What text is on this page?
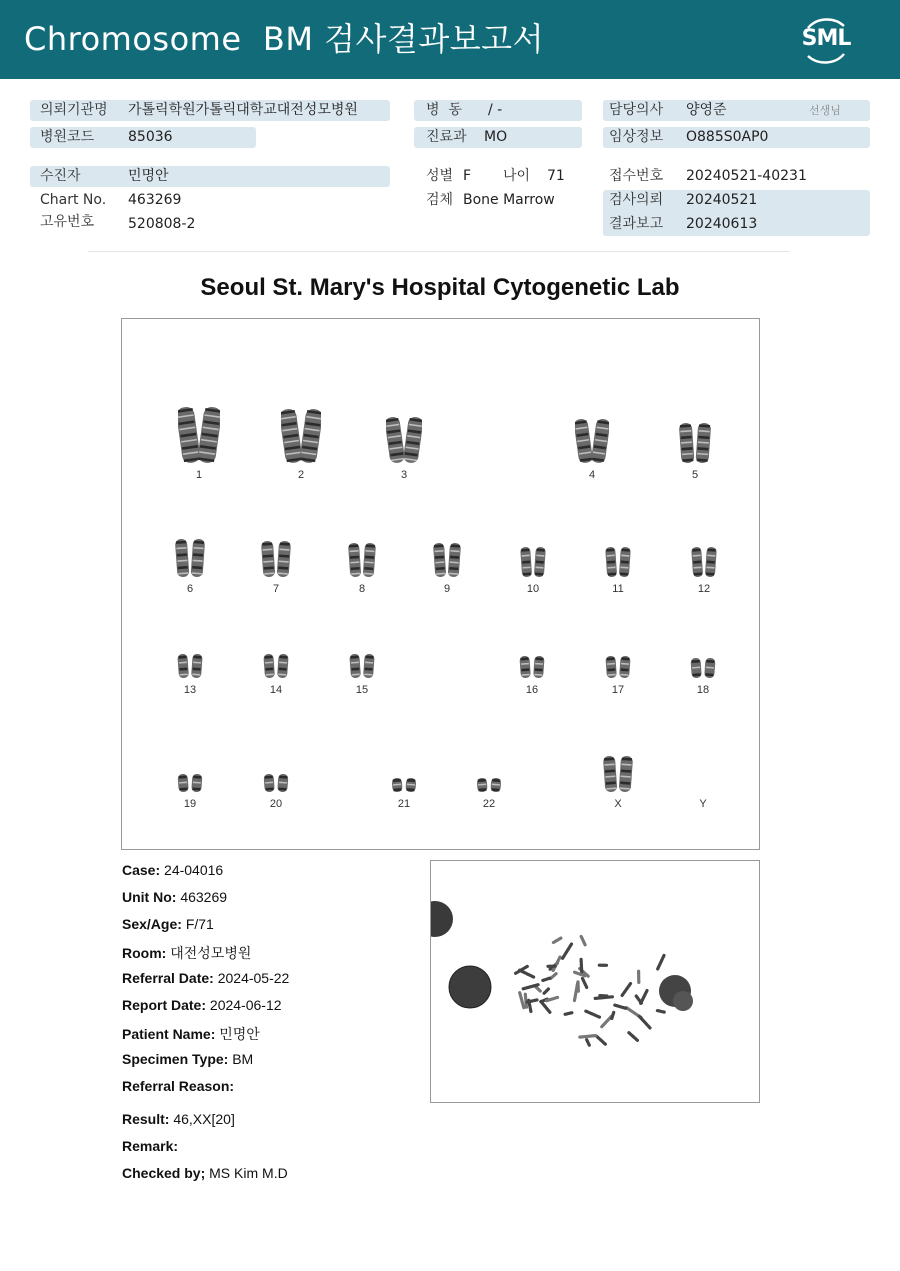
Chromosome  BM 검사결과보고서	SML
의뢰기관명 가톨릭학원가톨릭대학교대전성모병원
병원코드 85036
병  동 / -
진료과 MO
담당의사 양영준	선생님
임상정보 O885S0AP0
수진자	민명안
Chart No. 463269
고유번호 520808-2
성별 F 나이 71
검체 Bone Marrow
접수번호 20240521-40231
검사의뢰 20240521
결과보고 20240613
Seoul St. Mary's Hospital Cytogenetic Lab
1	2	3	4	5
6	7	8	9	10	11	12
13	14	15	16	17	18
19	20	21	22	X	Y
Case: 24-04016
Unit No: 463269
Sex/Age: F/71
Room: 대전성모병원
Referral Date: 2024-05-22
Report Date: 2024-06-12
Patient Name: 민명안
Specimen Type: BM
Referral Reason:
Result: 46,XX[20]
Remark:
Checked by; MS Kim M.D
